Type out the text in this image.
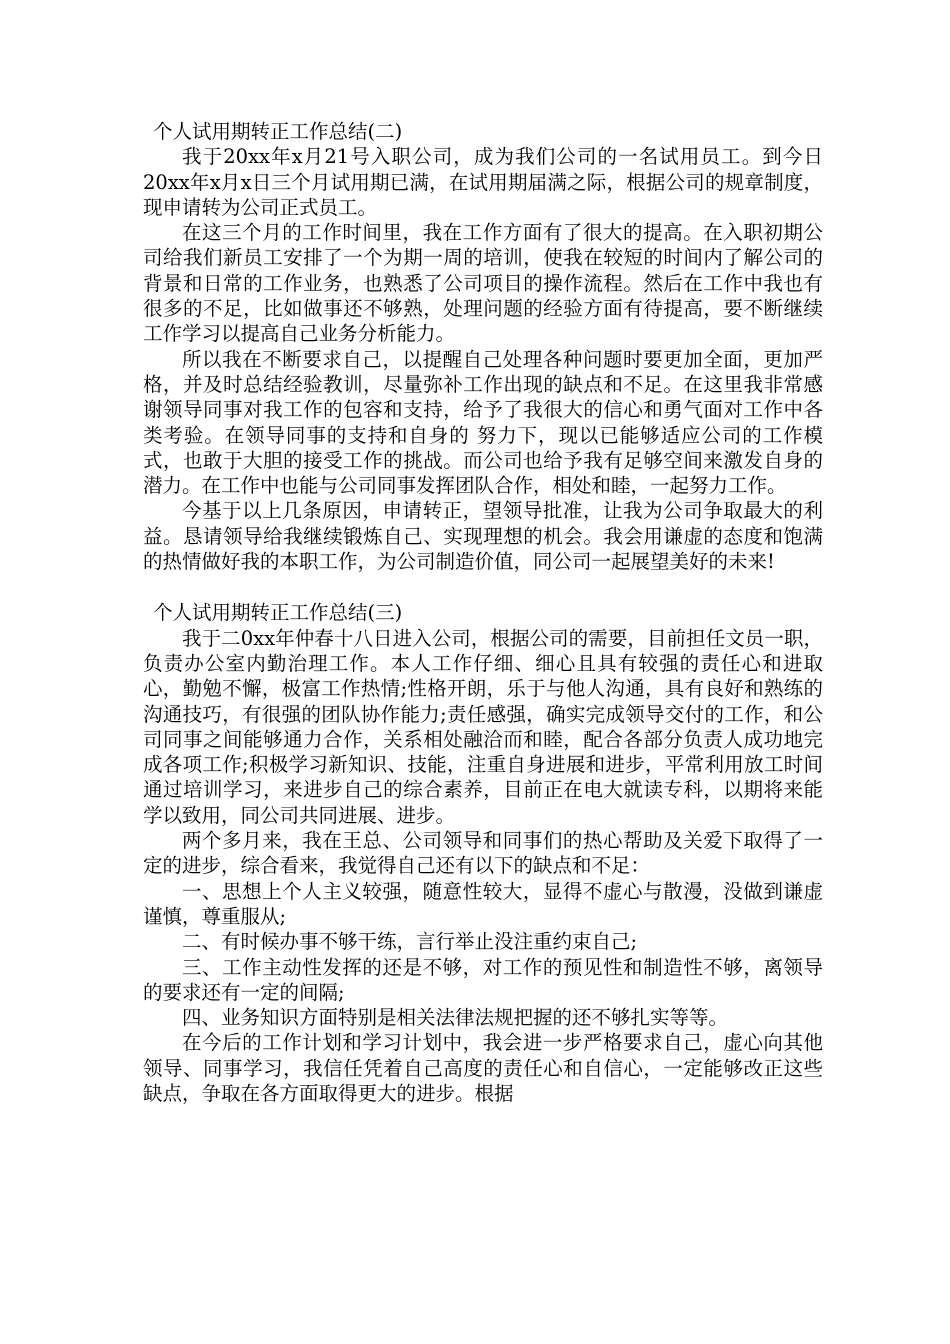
个人试用期转正工作总结(二)

我于20xx年x月21号入职公司，成为我们公司的一名试用员工。到今日20xx年x月x日三个月试用期已满，在试用期届满之际，根据公司的规章制度，现申请转为公司正式员工。

在这三个月的工作时间里，我在工作方面有了很大的提高。在入职初期公司给我们新员工安排了一个为期一周的培训，使我在较短的时间内了解公司的背景和日常的工作业务，也熟悉了公司项目的操作流程。然后在工作中我也有很多的不足，比如做事还不够熟，处理问题的经验方面有待提高，要不断继续工作学习以提高自己业务分析能力。

所以我在不断要求自己，以提醒自己处理各种问题时要更加全面，更加严格，并及时总结经验教训，尽量弥补工作出现的缺点和不足。在这里我非常感谢领导同事对我工作的包容和支持，给予了我很大的信心和勇气面对工作中各类考验。在领导同事的支持和自身的 努力下，现以已能够适应公司的工作模式，也敢于大胆的接受工作的挑战。而公司也给予我有足够空间来激发自身的潜力。在工作中也能与公司同事发挥团队合作，相处和睦，一起努力工作。

今基于以上几条原因，申请转正，望领导批准，让我为公司争取最大的利益。恳请领导给我继续锻炼自己、实现理想的机会。我会用谦虚的态度和饱满的热情做好我的本职工作，为公司制造价值，同公司一起展望美好的未来!

个人试用期转正工作总结(三)

我于二0xx年仲春十八日进入公司，根据公司的需要，目前担任文员一职，负责办公室内勤治理工作。本人工作仔细、细心且具有较强的责任心和进取心，勤勉不懈，极富工作热情;性格开朗，乐于与他人沟通，具有良好和熟练的沟通技巧，有很强的团队协作能力;责任感强，确实完成领导交付的工作，和公司同事之间能够通力合作，关系相处融洽而和睦，配合各部分负责人成功地完成各项工作;积极学习新知识、技能，注重自身进展和进步，平常利用放工时间通过培训学习，来进步自己的综合素养，目前正在电大就读专科，以期将来能学以致用，同公司共同进展、进步。

两个多月来，我在王总、公司领导和同事们的热心帮助及关爱下取得了一定的进步，综合看来，我觉得自己还有以下的缺点和不足：

一、思想上个人主义较强，随意性较大，显得不虚心与散漫，没做到谦虚谨慎，尊重服从;

二、有时候办事不够干练，言行举止没注重约束自己;

三、工作主动性发挥的还是不够，对工作的预见性和制造性不够，离领导的要求还有一定的间隔;

四、业务知识方面特别是相关法律法规把握的还不够扎实等等。

在今后的工作计划和学习计划中，我会进一步严格要求自己，虚心向其他领导、同事学习，我信任凭着自己高度的责任心和自信心，一定能够改正这些缺点，争取在各方面取得更大的进步。根据
